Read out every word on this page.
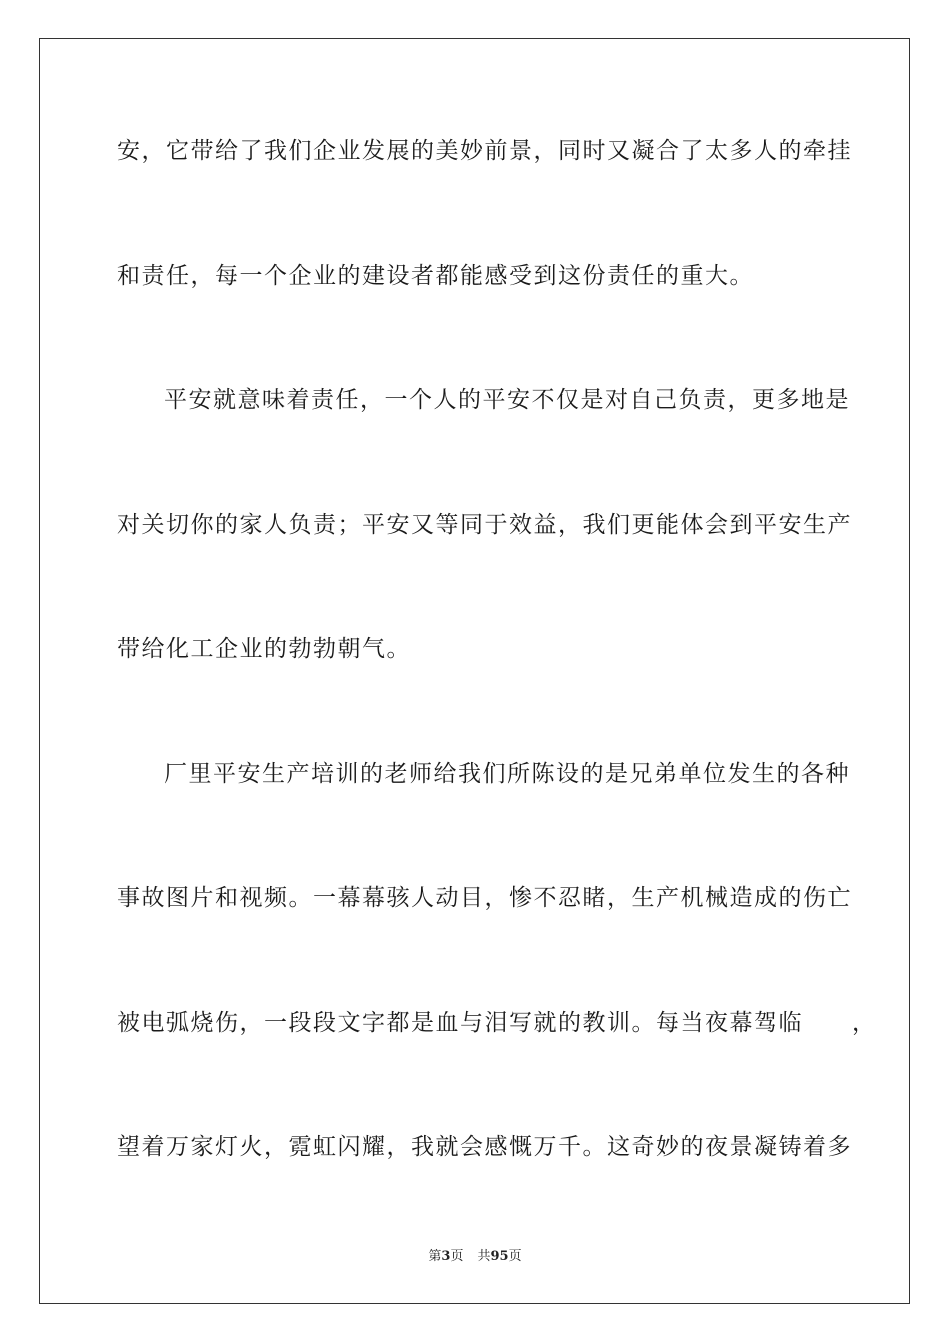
安，它带给了我们企业发展的美妙前景，同时又凝合了太多人的牵挂
和责任，每一个企业的建设者都能感受到这份责任的重大。
平安就意味着责任，一个人的平安不仅是对自己负责，更多地是
对关切你的家人负责；平安又等同于效益，我们更能体会到平安生产
带给化工企业的勃勃朝气。
厂里平安生产培训的老师给我们所陈设的是兄弟单位发生的各种
事故图片和视频。一幕幕骇人动目，惨不忍睹，生产机械造成的伤亡
被电弧烧伤，一段段文字都是血与泪写就的教训。每当夜幕驾临　　，
望着万家灯火，霓虹闪耀，我就会感慨万千。这奇妙的夜景凝铸着多
第3页 共95页
